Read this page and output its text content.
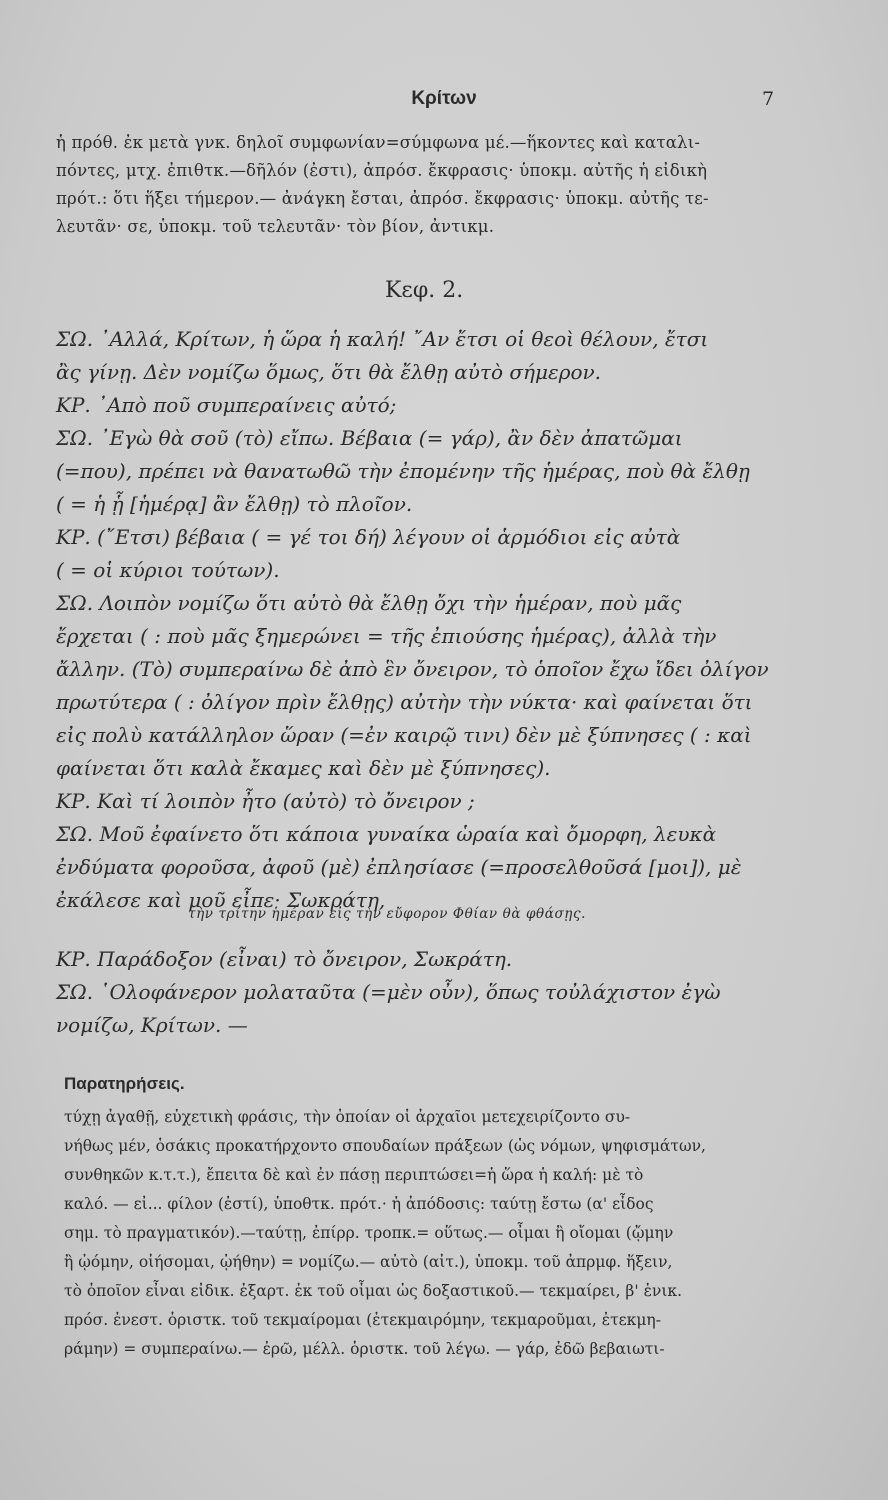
Κρίτων	7
ἡ πρόθ. ἐκ μετὰ γνκ. δηλοῖ συμφωνίαν=σύμφωνα μέ.—ἥκοντες καὶ καταλι-
πόντες, μτχ. ἐπιθτκ.—δῆλόν (ἐστι), ἀπρόσ. ἔκφρασις· ὑποκμ. αὐτῆς ἡ εἰδικὴ
πρότ.: ὅτι ἥξει τήμερον.— ἀνάγκη ἔσται, ἀπρόσ. ἔκφρασις· ὑποκμ. αὐτῆς τε-
λευτᾶν· σε, ὑποκμ. τοῦ τελευτᾶν· τὸν βίον, ἀντικμ.
Κεφ. 2.
ΣΩ. ᾽Αλλά, Κρίτων, ἡ ὥρα ἡ καλή! ῎Αν ἔτσι οἱ θεοὶ θέλουν, ἔτσι
ἂς γίνῃ. Δὲν νομίζω ὅμως, ὅτι θὰ ἔλθῃ αὐτὸ σήμερον.
ΚΡ. ᾽Απὸ ποῦ συμπεραίνεις αὐτό;
ΣΩ. ᾽Εγὼ θὰ σοῦ (τὸ) εἴπω. Βέβαια (= γάρ), ἂν δὲν ἀπατῶμαι
(=που), πρέπει νὰ θανατωθῶ τὴν ἐπομένην τῆς ἡμέρας, ποὺ θὰ ἔλθῃ
( = ἡ ᾗ [ἡμέρᾳ] ἂν ἔλθῃ) τὸ πλοῖον.
ΚΡ. (῎Ετσι) βέβαια ( = γέ τοι δή) λέγουν οἱ ἁρμόδιοι εἰς αὐτὰ
( = οἱ κύριοι τούτων).
ΣΩ. Λοιπὸν νομίζω ὅτι αὐτὸ θὰ ἔλθῃ ὄχι τὴν ἡμέραν, ποὺ μᾶς
ἔρχεται ( : ποὺ μᾶς ξημερώνει = τῆς ἐπιούσης ἡμέρας), ἀλλὰ τὴν
ἄλλην. (Τὸ) συμπεραίνω δὲ ἀπὸ ἓν ὄνειρον, τὸ ὁποῖον ἔχω ἴδει ὀλίγον
πρωτύτερα ( : ὀλίγον πρὶν ἔλθῃς) αὐτὴν τὴν νύκτα· καὶ φαίνεται ὅτι
εἰς πολὺ κατάλληλον ὥραν (=ἐν καιρῷ τινι) δὲν μὲ ξύπνησες ( : καὶ
φαίνεται ὅτι καλὰ ἔκαμες καὶ δὲν μὲ ξύπνησες).
ΚΡ. Καὶ τί λοιπὸν ἦτο (αὐτὸ) τὸ ὄνειρον ;
ΣΩ. Μοῦ ἐφαίνετο ὅτι κάποια γυναίκα ὡραία καὶ ὄμορφη, λευκὰ
ἐνδύματα φοροῦσα, ἀφοῦ (μὲ) ἐπλησίασε (=προσελθοῦσά [μοι]), μὲ
ἐκάλεσε καὶ μοῦ εἶπε· Σωκράτη,
τὴν τρίτην ἡμέραν εἰς τὴν εὔφορον Φθίαν θὰ φθάσῃς.
ΚΡ. Παράδοξον (εἶναι) τὸ ὄνειρον, Σωκράτη.
ΣΩ. ῾Ολοφάνερον μολαταῦτα (=μὲν οὖν), ὅπως τοὐλάχιστον ἐγὼ
νομίζω, Κρίτων. —
Παρατηρήσεις.
τύχῃ ἀγαθῇ, εὐχετικὴ φράσις, τὴν ὁποίαν οἱ ἀρχαῖοι μετεχειρίζοντο συ-
νήθως μέν, ὁσάκις προκατήρχοντο σπουδαίων πράξεων (ὡς νόμων, ψηφισμάτων,
συνθηκῶν κ.τ.τ.), ἔπειτα δὲ καὶ ἐν πάσῃ περιπτώσει=ἡ ὥρα ἡ καλή: μὲ τὸ
καλό. — εἰ... φίλον (ἐστί), ὑποθτκ. πρότ.· ἡ ἀπόδοσις: ταύτῃ ἔστω (α' εἶδος
σημ. τὸ πραγματικόν).—ταύτῃ, ἐπίρρ. τροπκ.= οὕτως.— οἶμαι ἢ οἴομαι (ᾤμην
ἢ ᾠόμην, οἰήσομαι, ᾠήθην) = νομίζω.— αὐτὸ (αἰτ.), ὑποκμ. τοῦ ἀπρμφ. ἥξειν,
τὸ ὁποῖον εἶναι εἰδικ. ἐξαρτ. ἐκ τοῦ οἶμαι ὡς δοξαστικοῦ.— τεκμαίρει, β' ἑνικ.
πρόσ. ἐνεστ. ὁριστκ. τοῦ τεκμαίρομαι (ἐτεκμαιρόμην, τεκμαροῦμαι, ἐτεκμη-
ράμην) = συμπεραίνω.— ἐρῶ, μέλλ. ὁριστκ. τοῦ λέγω. — γάρ, ἐδῶ βεβαιωτι-
